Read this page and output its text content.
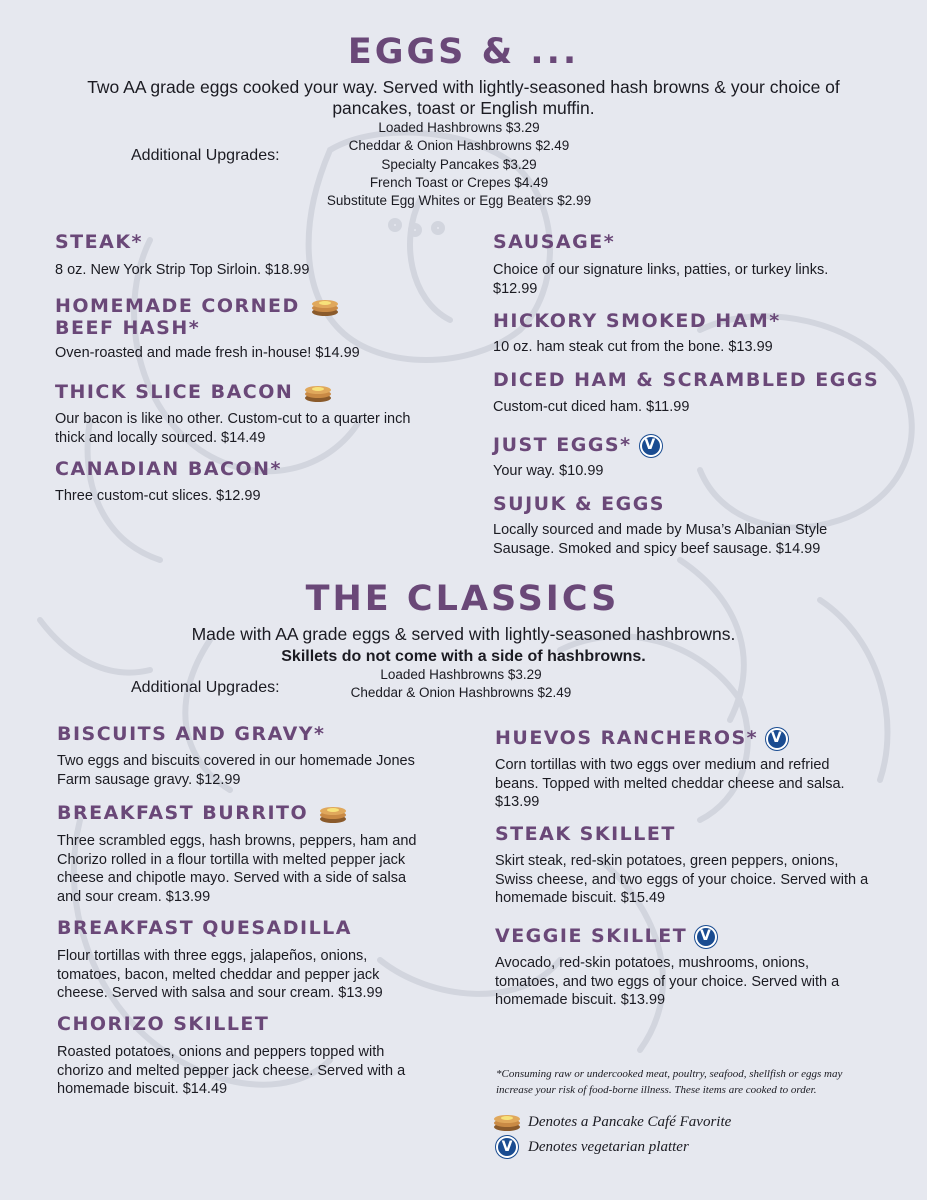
EGGS & ...
Two AA grade eggs cooked your way. Served with lightly-seasoned hash browns & your choice of pancakes, toast or English muffin.
Additional Upgrades:
Loaded Hashbrowns $3.29
Cheddar & Onion Hashbrowns $2.49
Specialty Pancakes $3.29
French Toast or Crepes $4.49
Substitute Egg Whites or Egg Beaters $2.99
STEAK*
8 oz. New York Strip Top Sirloin. $18.99
HOMEMADE CORNED
BEEF HASH*
Oven-roasted and made fresh in-house! $14.99
THICK SLICE BACON
Our bacon is like no other. Custom-cut to a quarter inch thick and locally sourced. $14.49
CANADIAN BACON*
Three custom-cut slices. $12.99
SAUSAGE*
Choice of our signature links, patties, or turkey links. $12.99
HICKORY SMOKED HAM*
10 oz. ham steak cut from the bone. $13.99
DICED HAM & SCRAMBLED EGGS
Custom-cut diced ham. $11.99
JUST EGGS* V
Your way. $10.99
SUJUK & EGGS
Locally sourced and made by Musa’s Albanian Style Sausage. Smoked and spicy beef sausage. $14.99
THE CLASSICS
Made with AA grade eggs & served with lightly-seasoned hashbrowns.
Skillets do not come with a side of hashbrowns.
Additional Upgrades:
Loaded Hashbrowns $3.29
Cheddar & Onion Hashbrowns $2.49
BISCUITS AND GRAVY*
Two eggs and biscuits covered in our homemade Jones Farm sausage gravy. $12.99
BREAKFAST BURRITO
Three scrambled eggs, hash browns, peppers, ham and Chorizo rolled in a flour tortilla with melted pepper jack cheese and chipotle mayo. Served with a side of salsa and sour cream. $13.99
BREAKFAST QUESADILLA
Flour tortillas with three eggs, jalapeños, onions, tomatoes, bacon, melted cheddar and pepper jack cheese. Served with salsa and sour cream. $13.99
CHORIZO SKILLET
Roasted potatoes, onions and peppers topped with chorizo and melted pepper jack cheese. Served with a homemade biscuit. $14.49
HUEVOS RANCHEROS* V
Corn tortillas with two eggs over medium and refried beans. Topped with melted cheddar cheese and salsa. $13.99
STEAK SKILLET
Skirt steak, red-skin potatoes, green peppers, onions, Swiss cheese, and two eggs of your choice. Served with a homemade biscuit. $15.49
VEGGIE SKILLET V
Avocado, red-skin potatoes, mushrooms, onions, tomatoes, and two eggs of your choice. Served with a homemade biscuit. $13.99
*Consuming raw or undercooked meat, poultry, seafood, shellfish or eggs may increase your risk of food-borne illness. These items are cooked to order.
Denotes a Pancake Café Favorite
V	Denotes vegetarian platter
